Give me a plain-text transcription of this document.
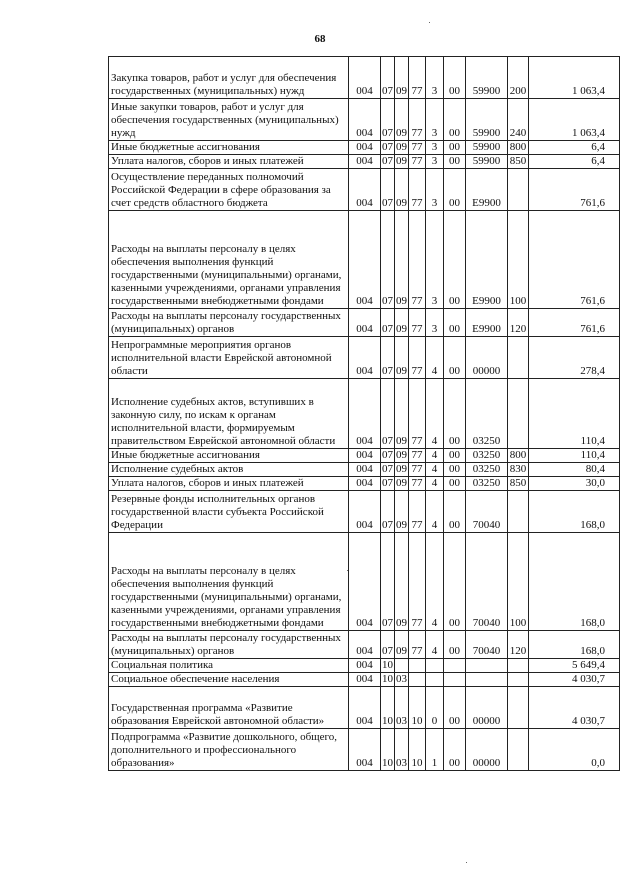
68
Закупка товаров, работ и услуг для обеспечения государственных (муниципальных) нужд	004	07	09	77	3	00	59900	200	1 063,4
Иные закупки товаров, работ и услуг для обеспечения государственных (муниципальных) нужд	004	07	09	77	3	00	59900	240	1 063,4
Иные бюджетные ассигнования	004	07	09	77	3	00	59900	800	6,4
Уплата налогов, сборов и иных платежей	004	07	09	77	3	00	59900	850	6,4
Осуществление переданных полномочий Российской Федерации в сфере образования за счет средств областного бюджета	004	07	09	77	3	00	Е9900		761,6
Расходы на выплаты персоналу в целях обеспечения выполнения функций государственными (муниципальными) органами, казенными учреждениями, органами управления государственными внебюджетными фондами	004	07	09	77	3	00	Е9900	100	761,6
Расходы на выплаты персоналу государственных (муниципальных) органов	004	07	09	77	3	00	Е9900	120	761,6
Непрограммные мероприятия органов исполнительной власти Еврейской автономной области	004	07	09	77	4	00	00000		278,4
Исполнение судебных актов, вступивших в законную силу, по искам к органам исполнительной власти, формируемым правительством Еврейской автономной области	004	07	09	77	4	00	03250		110,4
Иные бюджетные ассигнования	004	07	09	77	4	00	03250	800	110,4
Исполнение судебных актов	004	07	09	77	4	00	03250	830	80,4
Уплата налогов, сборов и иных платежей	004	07	09	77	4	00	03250	850	30,0
Резервные фонды исполнительных органов государственной власти субъекта Российской Федерации	004	07	09	77	4	00	70040		168,0
Расходы на выплаты персоналу в целях обеспечения выполнения функций государственными (муниципальными) органами, казенными учреждениями, органами управления государственными внебюджетными фондами	004	07	09	77	4	00	70040	100	168,0
Расходы на выплаты персоналу государственных (муниципальных) органов	004	07	09	77	4	00	70040	120	168,0
Социальная политика	004	10							5 649,4
Социальное обеспечение населения	004	10	03						4 030,7
Государственная программа «Развитие образования Еврейской автономной области»	004	10	03	10	0	00	00000		4 030,7
Подпрограмма «Развитие дошкольного, общего, дополнительного и профессионального образования»	004	10	03	10	1	00	00000		0,0
